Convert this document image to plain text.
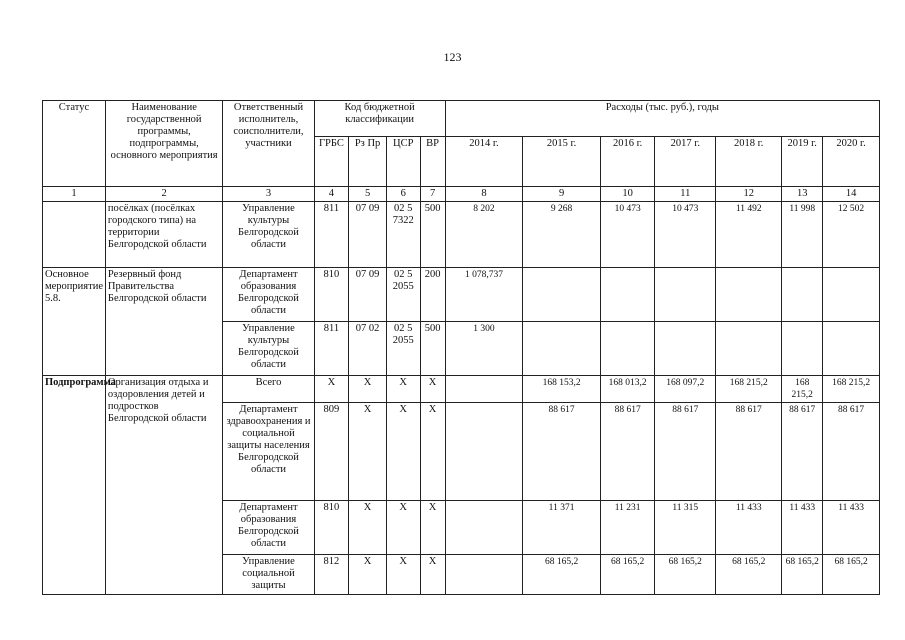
123
Статус	Наименование государственной программы, подпрограммы, основного мероприятия	Ответственный исполнитель, соисполнители, участники	Код бюджетной классификации				Расходы (тыс. руб.), годы						
			ГРБС	Рз Пр	ЦСР	ВР	2014 г.	2015 г.	2016 г.	2017 г.	2018 г.	2019 г.	2020 г.
1	2	3	4	5	6	7	8	9	10	11	12	13	14
	посёлках (посёлках городского типа) на территории Белгородской области	Управление культуры Белгородской области	811	07 09	02 5 7322	500	8 202	9 268	10 473	10 473	11 492	11 998	12 502
Основное мероприятие 5.8.	Резервный фонд Правительства Белгородской области	Департамент образования Белгородской области	810	07 09	02 5 2055	200	1 078,737						
		Управление культуры Белгородской области	811	07 02	02 5 2055	500	1 300						
Подпрограмма	Организация отдыха и оздоровления детей и подростков Белгородской области	Всего	Х	Х	Х	Х		168 153,2	168 013,2	168 097,2	168 215,2	168 215,2	168 215,2
		Департамент здравоохранения и социальной защиты населения Белгородской области	809	Х	Х	Х		88 617	88 617	88 617	88 617	88 617	88 617
		Департамент образования Белгородской области	810	Х	Х	Х		11 371	11 231	11 315	11 433	11 433	11 433
		Управление социальной защиты	812	Х	Х	Х		68 165,2	68 165,2	68 165,2	68 165,2	68 165,2	68 165,2
